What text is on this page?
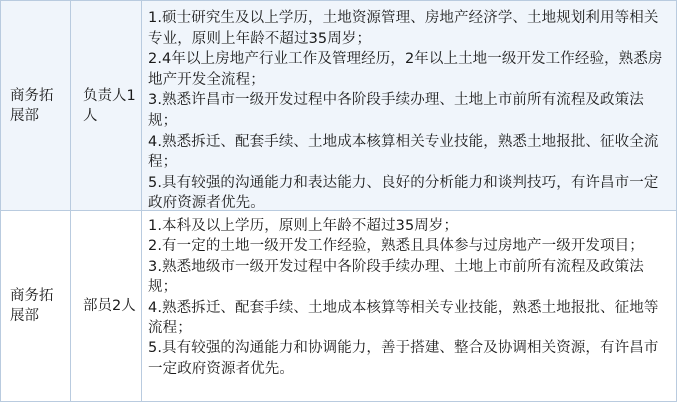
商务拓展部
负责人1人
1.硕士研究生及以上学历，土地资源管理、房地产经济学、土地规划利用等相关专业，原则上年龄不超过35周岁；
2.4年以上房地产行业工作及管理经历，2年以上土地一级开发工作经验，熟悉房地产开发全流程；
3.熟悉许昌市一级开发过程中各阶段手续办理、土地上市前所有流程及政策法规；
4.熟悉拆迁、配套手续、土地成本核算相关专业技能，熟悉土地报批、征收全流程；
5.具有较强的沟通能力和表达能力、良好的分析能力和谈判技巧，有许昌市一定政府资源者优先。
商务拓展部
部员2人
1.本科及以上学历，原则上年龄不超过35周岁；
2.有一定的土地一级开发工作经验，熟悉且具体参与过房地产一级开发项目；
3.熟悉地级市一级开发过程中各阶段手续办理、土地上市前所有流程及政策法规；
4.熟悉拆迁、配套手续、土地成本核算等相关专业技能，熟悉土地报批、征地等流程；
5.具有较强的沟通能力和协调能力，善于搭建、整合及协调相关资源，有许昌市一定政府资源者优先。
